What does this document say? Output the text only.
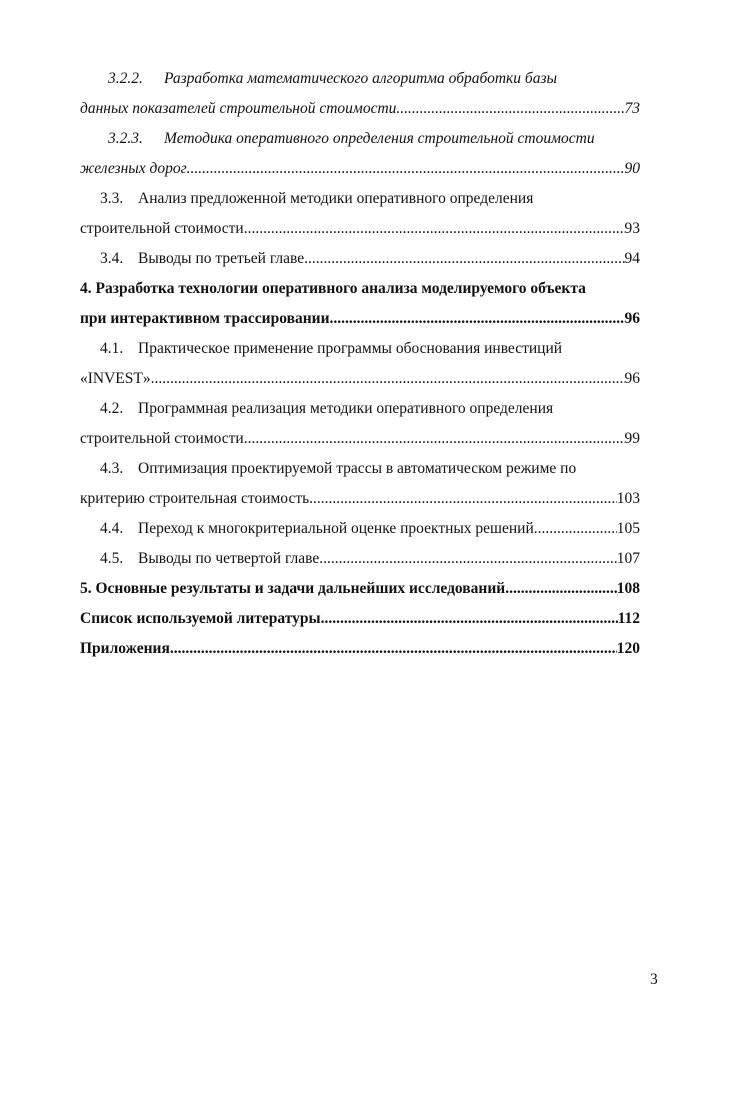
3.2.2. Разработка математического алгоритма обработки базы
данных показателей строительной стоимости. .....	73
3.2.3. Методика оперативного определения строительной стоимости
железных дорог .....	90
3.3. Анализ предложенной методики оперативного определения
строительной стоимости. .....	93
3.4. Выводы по третьей главе. .....	94
4. Разработка технологии оперативного анализа моделируемого объекта
при интерактивном трассировании .....	96
4.1. Практическое применение программы обоснования инвестиций
«INVEST» .....	96
4.2. Программная реализация методики оперативного определения
строительной стоимости .....	99
4.3. Оптимизация проектируемой трассы в автоматическом режиме по
критерию строительная стоимость. .....	103
4.4. Переход к многокритериальной оценке проектных решений. .....	105
4.5. Выводы по четвертой главе .....	107
5. Основные результаты и задачи дальнейших исследований .....	108
Список используемой литературы .....	112
Приложения .....	120
3
